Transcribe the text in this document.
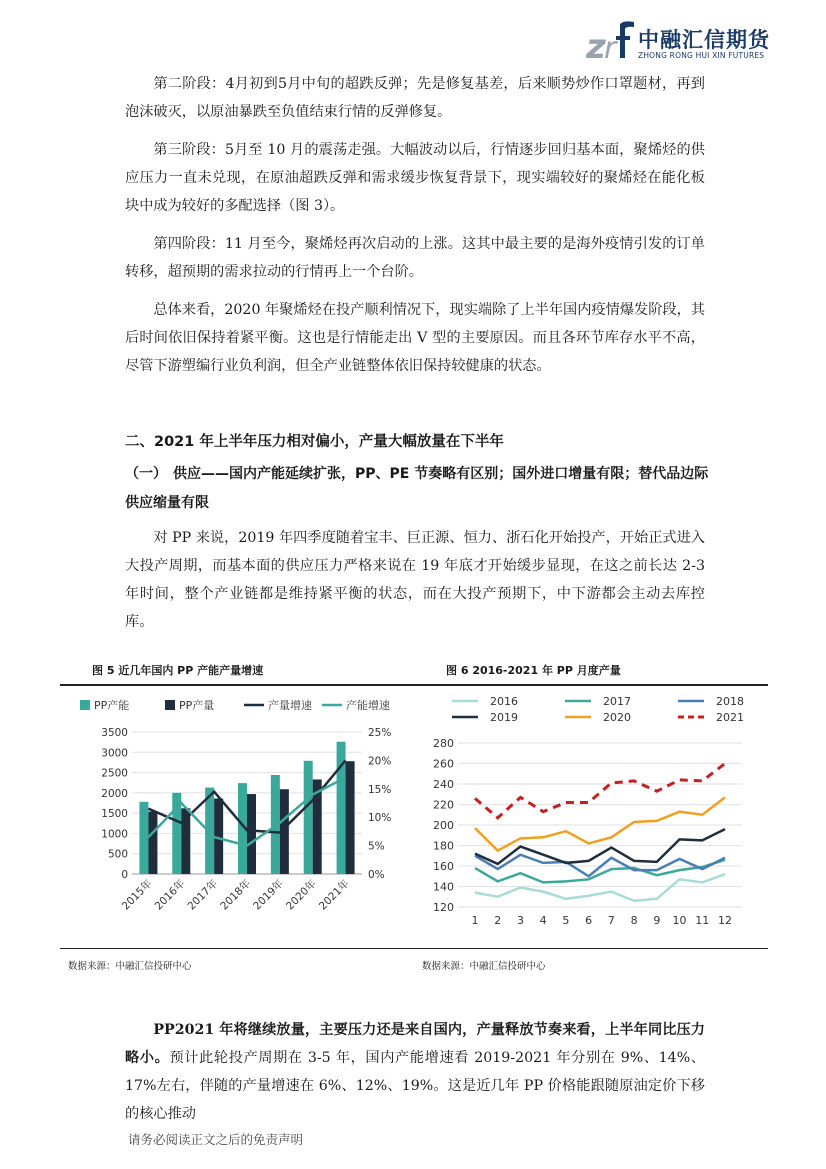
z
r 中融汇信期货
ZHONG RONG HUI XIN FUTURES

第二阶段：4月初到5月中旬的超跌反弹；先是修复基差，后来顺势炒作口罩题材，再到泡沫破灭，以原油暴跌至负值结束行情的反弹修复。

第三阶段：5月至 10 月的震荡走强。大幅波动以后，行情逐步回归基本面，聚烯烃的供应压力一直未兑现，在原油超跌反弹和需求缓步恢复背景下，现实端较好的聚烯烃在能化板块中成为较好的多配选择（图 3）。

第四阶段：11 月至今，聚烯烃再次启动的上涨。这其中最主要的是海外疫情引发的订单转移，超预期的需求拉动的行情再上一个台阶。

总体来看，2020 年聚烯烃在投产顺利情况下，现实端除了上半年国内疫情爆发阶段，其后时间依旧保持着紧平衡。这也是行情能走出 V 型的主要原因。而且各环节库存水平不高，尽管下游塑编行业负利润，但全产业链整体依旧保持较健康的状态。

二、2021 年上半年压力相对偏小，产量大幅放量在下半年
（一） 供应——国内产能延续扩张，PP、PE 节奏略有区别；国外进口增量有限；替代品边际供应缩量有限

对 PP 来说，2019 年四季度随着宝丰、巨正源、恒力、浙石化开始投产，开始正式进入大投产周期，而基本面的供应压力严格来说在 19 年底才开始缓步显现，在这之前长达 2-3 年时间，整个产业链都是维持紧平衡的状态，而在大投产预期下，中下游都会主动去库控库。

图 5 近几年国内 PP 产能产量增速	图 6 2016-2021 年 PP 月度产量
0
500
1000
1500
2000
2500
3000
3500
0%
5%
10%
15%
20%
25%
2015年
2016年
2017年
2018年
2019年
2020年
2021年
PP产能	PP产量	产量增速	产能增速
120
140
160
180
200
220
240
260
280
1 2 3 4 5 6 7 8 9 10 11 12
2016	2017	2018
2019	2020	2021
数据来源：中融汇信投研中心	数据来源：中融汇信投研中心

PP2021 年将继续放量，主要压力还是来自国内，产量释放节奏来看，上半年同比压力略小。预计此轮投产周期在 3-5 年，国内产能增速看 2019-2021 年分别在 9%、14%、17%左右，伴随的产量增速在 6%、12%、19%。这是近几年 PP 价格能跟随原油定价下移的核心推动

请务必阅读正文之后的免责声明
